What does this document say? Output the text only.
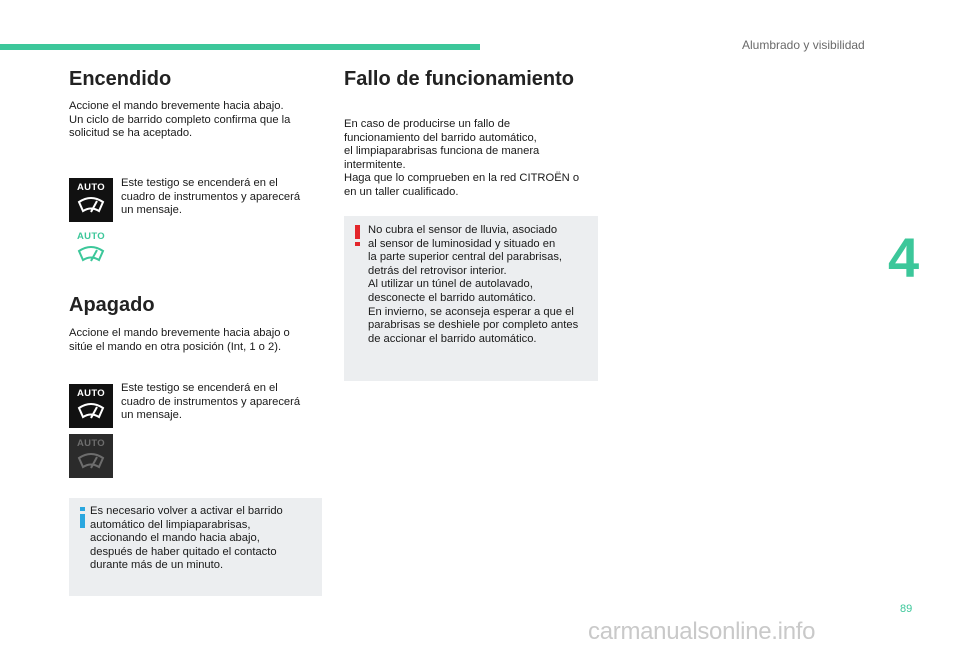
Alumbrado y visibilidad
4
Encendido

Accione el mando brevemente hacia abajo.
Un ciclo de barrido completo confirma que la
solicitud se ha aceptado.

AUTO	Este testigo se encenderá en el
cuadro de instrumentos y aparecerá
un mensaje.

AUTO
Apagado

Accione el mando brevemente hacia abajo o
sitúe el mando en otra posición (Int, 1 o 2).

AUTO	Este testigo se encenderá en el
cuadro de instrumentos y aparecerá
un mensaje.

AUTO

Es necesario volver a activar el barrido
automático del limpiaparabrisas,
accionando el mando hacia abajo,
después de haber quitado el contacto
durante más de un minuto.

Fallo de funcionamiento

En caso de producirse un fallo de
funcionamiento del barrido automático,
el limpiaparabrisas funciona de manera
intermitente.
Haga que lo comprueben en la red CITROËN o
en un taller cualificado.

No cubra el sensor de lluvia, asociado
al sensor de luminosidad y situado en
la parte superior central del parabrisas,
detrás del retrovisor interior.
Al utilizar un túnel de autolavado,
desconecte el barrido automático.
En invierno, se aconseja esperar a que el
parabrisas se deshiele por completo antes
de accionar el barrido automático.

89
carmanualsonline.info
